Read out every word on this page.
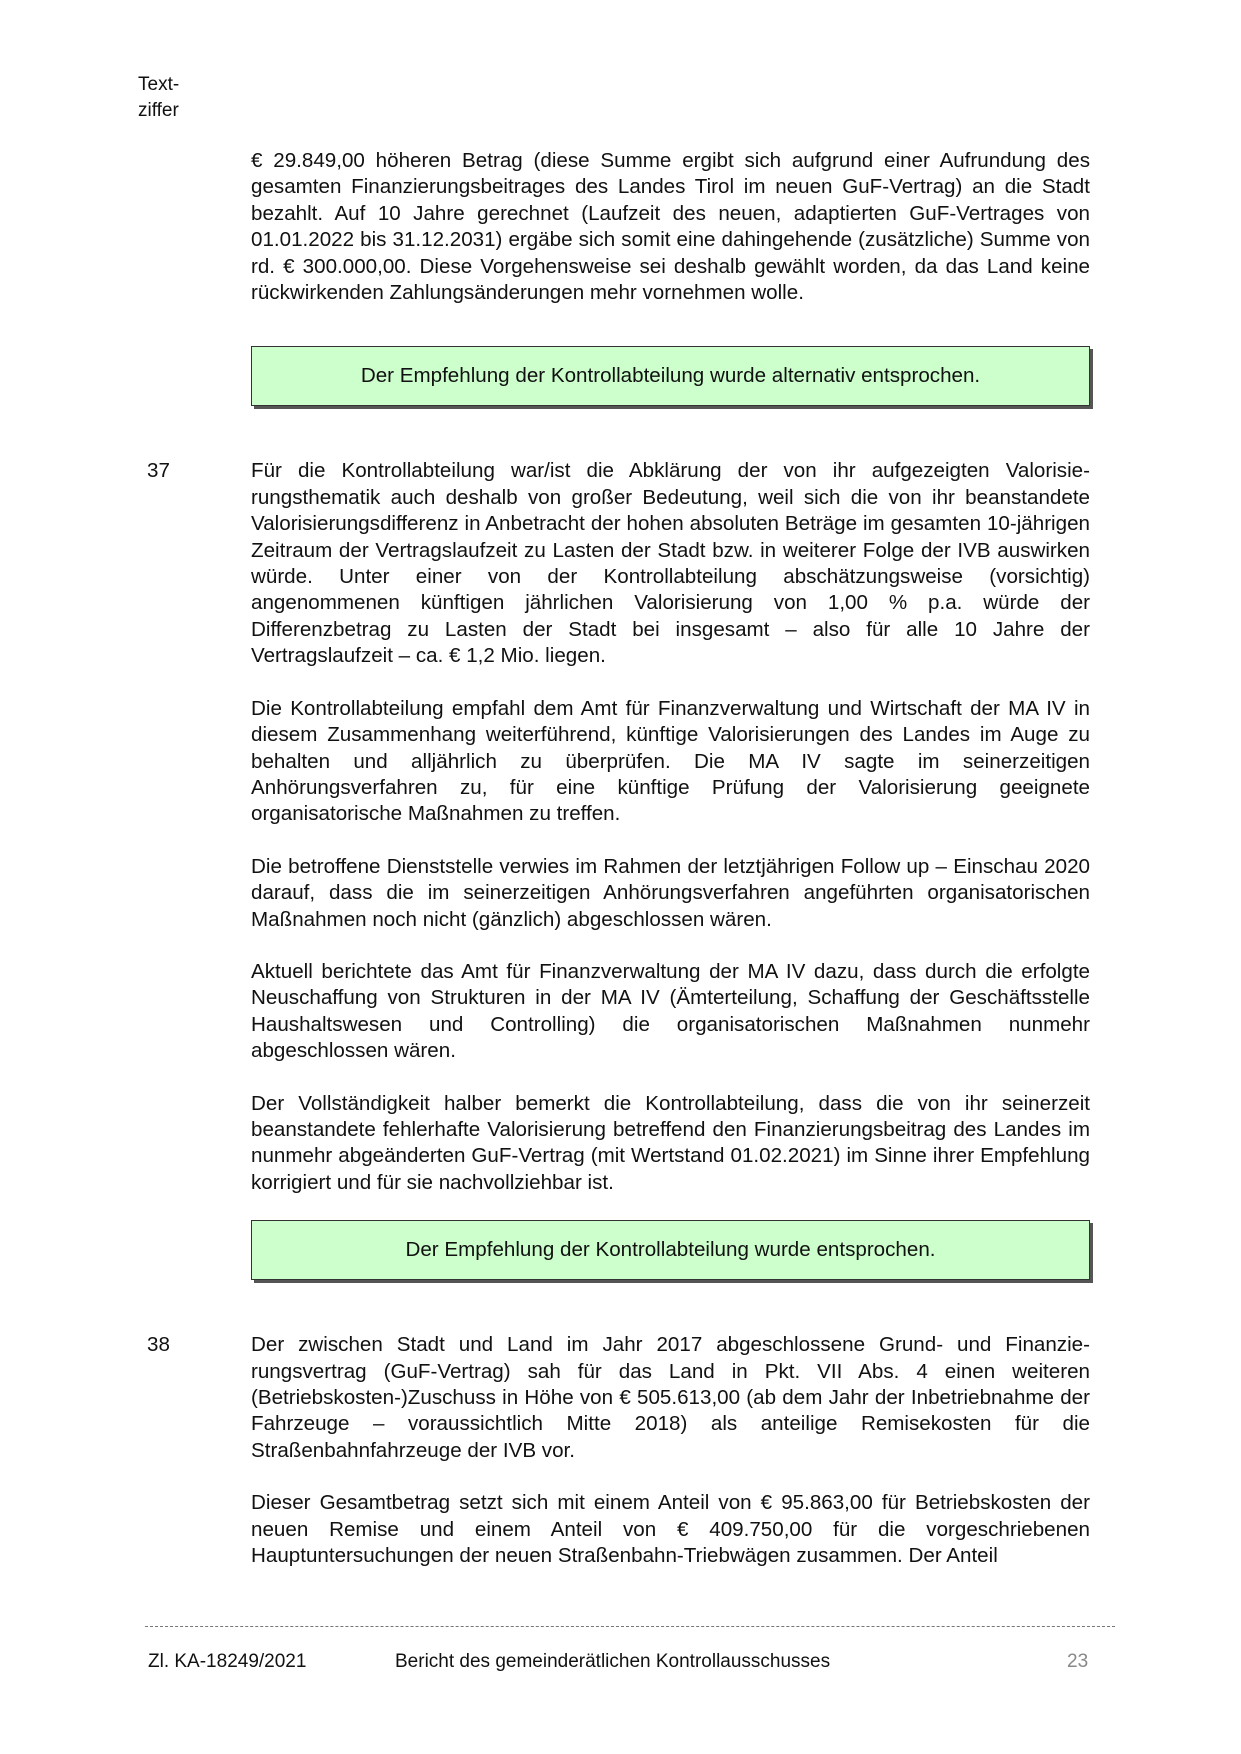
Text-
ziffer

€ 29.849,00 höheren Betrag (diese Summe ergibt sich aufgrund einer Aufrundung des gesamten Finanzierungsbeitrages des Landes Tirol im neuen GuF-Vertrag) an die Stadt bezahlt. Auf 10 Jahre gerechnet (Laufzeit des neuen, adaptierten GuF-Vertrages von 01.01.2022 bis 31.12.2031) ergäbe sich somit eine dahingehende (zusätzliche) Summe von rd. € 300.000,00. Diese Vorgehensweise sei deshalb gewählt worden, da das Land keine rückwirkenden Zahlungsänderungen mehr vornehmen wolle.

Der Empfehlung der Kontrollabteilung wurde alternativ entsprochen.
37	Für die Kontrollabteilung war/ist die Abklärung der von ihr aufgezeigten Valorisierungsthematik auch deshalb von großer Bedeutung, weil sich die von ihr beanstandete Valorisierungsdifferenz in Anbetracht der hohen absoluten Beträge im gesamten 10-jährigen Zeitraum der Vertragslaufzeit zu Lasten der Stadt bzw. in weiterer Folge der IVB auswirken würde. Unter einer von der Kontrollabteilung abschätzungsweise (vorsichtig) angenommenen künftigen jährlichen Valorisierung von 1,00 % p.a. würde der Differenzbetrag zu Lasten der Stadt bei insgesamt – also für alle 10 Jahre der Vertragslaufzeit – ca. € 1,2 Mio. liegen.

Die Kontrollabteilung empfahl dem Amt für Finanzverwaltung und Wirtschaft der MA IV in diesem Zusammenhang weiterführend, künftige Valorisierungen des Landes im Auge zu behalten und alljährlich zu überprüfen. Die MA IV sagte im seinerzeitigen Anhörungsverfahren zu, für eine künftige Prüfung der Valorisierung geeignete organisatorische Maßnahmen zu treffen.

Die betroffene Dienststelle verwies im Rahmen der letztjährigen Follow up – Einschau 2020 darauf, dass die im seinerzeitigen Anhörungsverfahren angeführten organisatorischen Maßnahmen noch nicht (gänzlich) abgeschlossen wären.

Aktuell berichtete das Amt für Finanzverwaltung der MA IV dazu, dass durch die erfolgte Neuschaffung von Strukturen in der MA IV (Ämterteilung, Schaffung der Geschäftsstelle Haushaltswesen und Controlling) die organisatorischen Maßnahmen nunmehr abgeschlossen wären.

Der Vollständigkeit halber bemerkt die Kontrollabteilung, dass die von ihr seinerzeit beanstandete fehlerhafte Valorisierung betreffend den Finanzierungsbeitrag des Landes im nunmehr abgeänderten GuF-Vertrag (mit Wertstand 01.02.2021) im Sinne ihrer Empfehlung korrigiert und für sie nachvollziehbar ist.

Der Empfehlung der Kontrollabteilung wurde entsprochen.
38	Der zwischen Stadt und Land im Jahr 2017 abgeschlossene Grund- und Finanzierungsvertrag (GuF-Vertrag) sah für das Land in Pkt. VII Abs. 4 einen weiteren (Betriebskosten-)Zuschuss in Höhe von € 505.613,00 (ab dem Jahr der Inbetriebnahme der Fahrzeuge – voraussichtlich Mitte 2018) als anteilige Remisekosten für die Straßenbahnfahrzeuge der IVB vor.

Dieser Gesamtbetrag setzt sich mit einem Anteil von € 95.863,00 für Betriebskosten der neuen Remise und einem Anteil von € 409.750,00 für die vorgeschriebenen Hauptuntersuchungen der neuen Straßenbahn-Triebwägen zusammen. Der Anteil

Zl. KA-18249/2021	Bericht des gemeinderätlichen Kontrollausschusses	23
